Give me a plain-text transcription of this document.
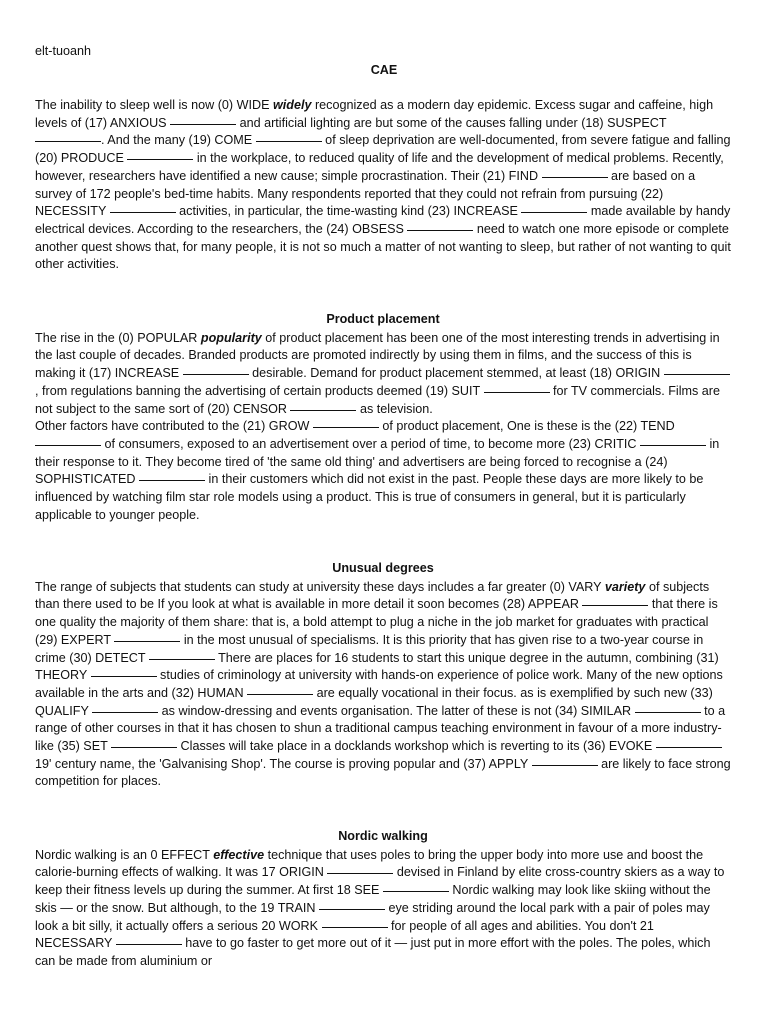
elt-tuoanh
CAE

The inability to sleep well is now (0) WIDE widely recognized as a modern day epidemic. Excess sugar and caffeine, high levels of (17) ANXIOUS	and artificial lighting are but some of the causes falling under (18) SUSPECT . And the many (19) COME	of sleep deprivation are well-documented, from severe fatigue and falling (20) PRODUCE	in the workplace, to reduced quality of life and the development of medical problems. Recently, however, researchers have identified a new cause; simple procrastination. Their (21) FIND	are based on a survey of 172 people's bed-time habits. Many respondents reported that they could not refrain from pursuing (22) NECESSITY	activities, in particular, the time-wasting kind (23) INCREASE	made available by handy electrical devices. According to the researchers, the (24) OBSESS	need to watch one more episode or complete another quest shows that, for many people, it is not so much a matter of not wanting to sleep, but rather of not wanting to quit other activities.

Product placement

The rise in the (0) POPULAR popularity of product placement has been one of the most interesting trends in advertising in the last couple of decades. Branded products are promoted indirectly by using them in films, and the success of this is making it (17) INCREASE	desirable. Demand for product placement stemmed, at least (18) ORIGIN , from regulations banning the advertising of certain products deemed (19) SUIT	for TV commercials. Films are not subject to the same sort of (20) CENSOR	as television.

Other factors have contributed to the (21) GROW	of product placement, One is these is the (22) TEND  of consumers, exposed to an advertisement over a period of time, to become more (23) CRITIC	in their response to it. They become tired of 'the same old thing' and advertisers are being forced to recognise a (24) SOPHISTICATED	in their customers which did not exist in the past. People these days are more likely to be influenced by watching film star role models using a product. This is true of consumers in general, but it is particularly applicable to younger people.

Unusual degrees

The range of subjects that students can study at university these days includes a far greater (0) VARY variety of subjects than there used to be If you look at what is available in more detail it soon becomes (28) APPEAR	that there is one quality the majority of them share: that is, a bold attempt to plug a niche in the job market for graduates with practical (29) EXPERT	in the most unusual of specialisms. It is this priority that has given rise to a two-year course in crime (30) DETECT	There are places for 16 students to start this unique degree in the autumn, combining (31) THEORY	studies of criminology at university with hands-on experience of police work. Many of the new options available in the arts and (32) HUMAN	are equally vocational in their focus. as is exemplified by such new (33) QUALIFY	as window-dressing and events organisation. The latter of these is not (34) SIMILAR	to a range of other courses in that it has chosen to shun a traditional campus teaching environment in favour of a more industry-like (35) SET	Classes will take place in a docklands workshop which is reverting to its (36) EVOKE  19' century name, the 'Galvanising Shop'. The course is proving popular and (37) APPLY	are likely to face strong competition for places.

Nordic walking

Nordic walking is an 0 EFFECT effective technique that uses poles to bring the upper body into more use and boost the calorie-burning effects of walking. It was 17 ORIGIN	devised in Finland by elite cross-country skiers as a way to keep their fitness levels up during the summer. At first 18 SEE	Nordic walking may look like skiing without the skis — or the snow. But although, to the 19 TRAIN	eye striding around the local park with a pair of poles may look a bit silly, it actually offers a serious 20 WORK	for people of all ages and abilities. You don't 21 NECESSARY	have to go faster to get more out of it — just put in more effort with the poles. The poles, which can be made from aluminium or
